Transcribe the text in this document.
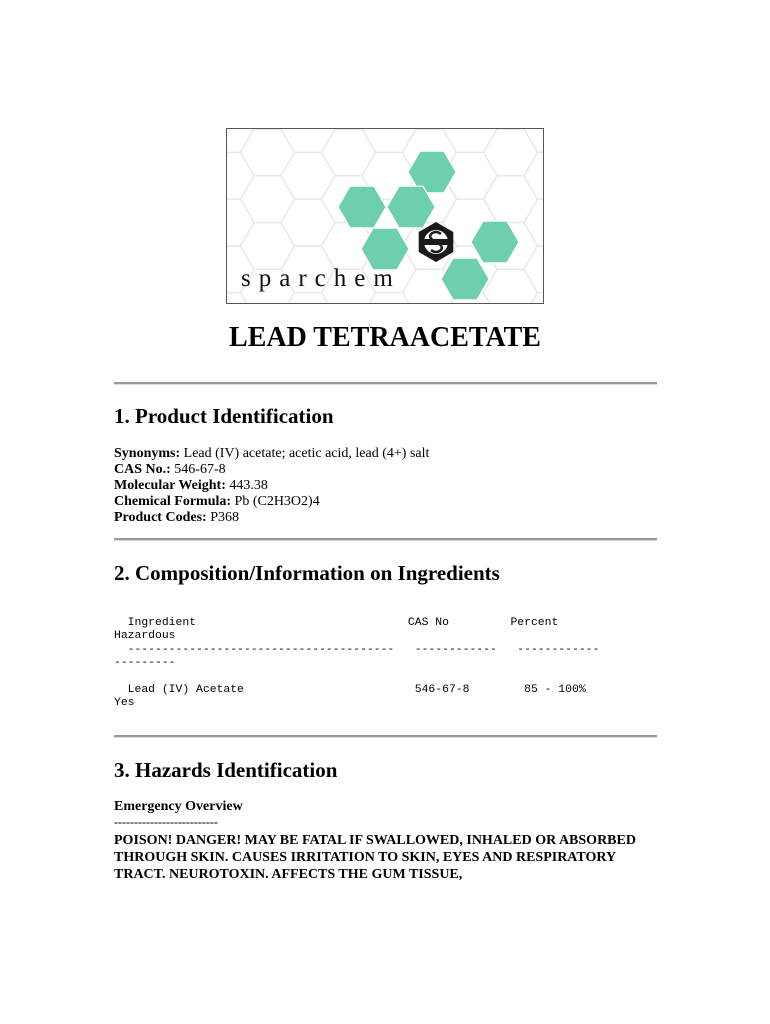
sparchem
LEAD TETRAACETATE
1. Product Identification
Synonyms: Lead (IV) acetate; acetic acid, lead (4+) salt
CAS No.: 546-67-8
Molecular Weight: 443.38
Chemical Formula: Pb (C2H3O2)4
Product Codes: P368
2. Composition/Information on Ingredients
Ingredient                               CAS No         Percent
Hazardous
---------------------------------------   ------------   ------------
---------

Lead (IV) Acetate                         546-67-8        85 - 100%
Yes
3. Hazards Identification
Emergency Overview
--------------------------
POISON! DANGER! MAY BE FATAL IF SWALLOWED, INHALED OR ABSORBED THROUGH SKIN. CAUSES IRRITATION TO SKIN, EYES AND RESPIRATORY TRACT. NEUROTOXIN. AFFECTS THE GUM TISSUE,
